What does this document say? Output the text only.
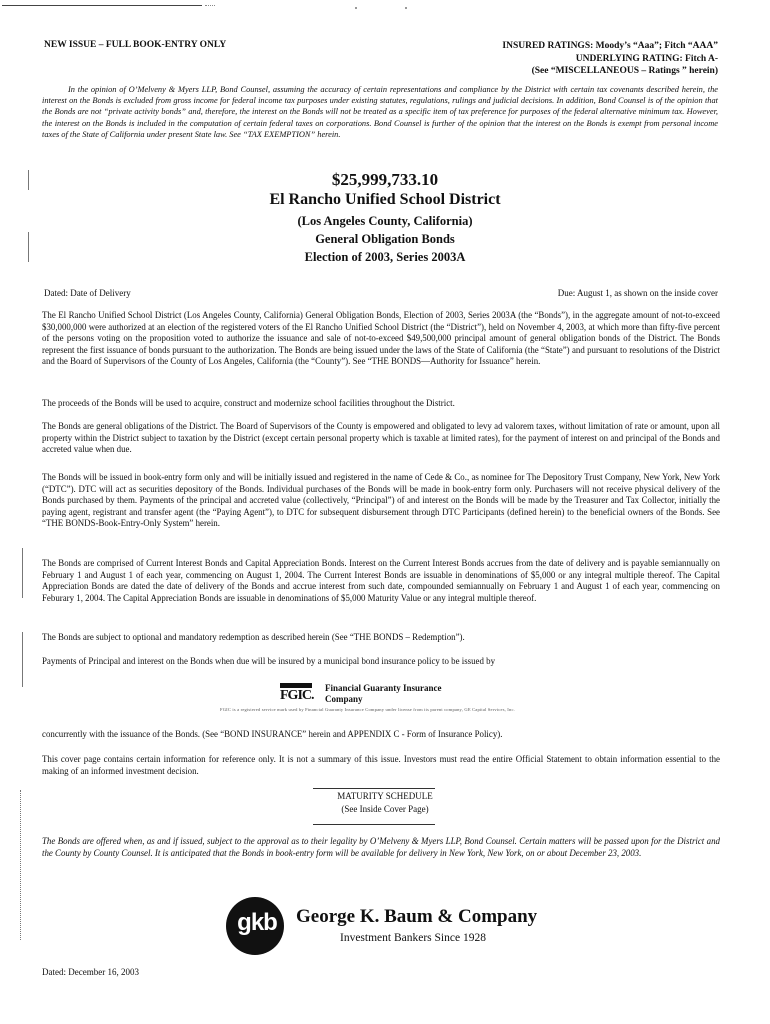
NEW ISSUE – FULL BOOK-ENTRY ONLY	INSURED RATINGS: Moody’s “Aaa”; Fitch “AAA”
UNDERLYING RATING: Fitch A-
(See “MISCELLANEOUS – Ratings ” herein)
In the opinion of O’Melveny & Myers LLP, Bond Counsel, assuming the accuracy of certain representations and compliance by the District with certain tax covenants described herein, the interest on the Bonds is excluded from gross income for federal income tax purposes under existing statutes, regulations, rulings and judicial decisions. In addition, Bond Counsel is of the opinion that the Bonds are not “private activity bonds” and, therefore, the interest on the Bonds will not be treated as a specific item of tax preference for purposes of the federal alternative minimum tax. However, the interest on the Bonds is included in the computation of certain federal taxes on corporations. Bond Counsel is further of the opinion that the interest on the Bonds is exempt from personal income taxes of the State of California under present State law. See “TAX EXEMPTION” herein.
$25,999,733.10
El Rancho Unified School District
(Los Angeles County, California)
General Obligation Bonds
Election of 2003, Series 2003A
Dated: Date of Delivery	Due: August 1, as shown on the inside cover
The El Rancho Unified School District (Los Angeles County, California) General Obligation Bonds, Election of 2003, Series 2003A (the “Bonds”), in the aggregate amount of not-to-exceed $30,000,000 were authorized at an election of the registered voters of the El Rancho Unified School District (the “District”), held on November 4, 2003, at which more than fifty-five percent of the persons voting on the proposition voted to authorize the issuance and sale of not-to-exceed $49,500,000 principal amount of general obligation bonds of the District. The Bonds represent the first issuance of bonds pursuant to the authorization. The Bonds are being issued under the laws of the State of California (the “State”) and pursuant to resolutions of the District and the Board of Supervisors of the County of Los Angeles, California (the “County”). See “THE BONDS—Authority for Issuance” herein.
The proceeds of the Bonds will be used to acquire, construct and modernize school facilities throughout the District.
The Bonds are general obligations of the District. The Board of Supervisors of the County is empowered and obligated to levy ad valorem taxes, without limitation of rate or amount, upon all property within the District subject to taxation by the District (except certain personal property which is taxable at limited rates), for the payment of interest on and principal of the Bonds and accreted value when due.
The Bonds will be issued in book-entry form only and will be initially issued and registered in the name of Cede & Co., as nominee for The Depository Trust Company, New York, New York (“DTC”). DTC will act as securities depository of the Bonds. Individual purchases of the Bonds will be made in book-entry form only. Purchasers will not receive physical delivery of the Bonds purchased by them. Payments of the principal and accreted value (collectively, “Principal”) of and interest on the Bonds will be made by the Treasurer and Tax Collector, initially the paying agent, registrant and transfer agent (the “Paying Agent”), to DTC for subsequent disbursement through DTC Participants (defined herein) to the beneficial owners of the Bonds. See “THE BONDS-Book-Entry-Only System” herein.
The Bonds are comprised of Current Interest Bonds and Capital Appreciation Bonds. Interest on the Current Interest Bonds accrues from the date of delivery and is payable semiannually on February 1 and August 1 of each year, commencing on August 1, 2004. The Current Interest Bonds are issuable in denominations of $5,000 or any integral multiple thereof. The Capital Appreciation Bonds are dated the date of delivery of the Bonds and accrue interest from such date, compounded semiannually on February 1 and August 1 of each year, commencing on Feburary 1, 2004. The Capital Appreciation Bonds are issuable in denominations of $5,000 Maturity Value or any integral multiple thereof.
The Bonds are subject to optional and mandatory redemption as described herein (See “THE BONDS – Redemption”).
Payments of Principal and interest on the Bonds when due will be insured by a municipal bond insurance policy to be issued by
FGIC. Financial Guaranty Insurance
Company
FGIC is a registered service mark used by Financial Guaranty Insurance Company under license from its parent company, GE Capital Services, Inc.
concurrently with the issuance of the Bonds. (See “BOND INSURANCE” herein and APPENDIX C - Form of Insurance Policy).
This cover page contains certain information for reference only. It is not a summary of this issue. Investors must read the entire Official Statement to obtain information essential to the making of an informed investment decision.
MATURITY SCHEDULE
(See Inside Cover Page)
The Bonds are offered when, as and if issued, subject to the approval as to their legality by O’Melveny & Myers LLP, Bond Counsel. Certain matters will be passed upon for the District and the County by County Counsel. It is anticipated that the Bonds in book-entry form will be available for delivery in New York, New York, on or about December 23, 2003.
gkb	George K. Baum & Company
Investment Bankers Since 1928
Dated: December 16, 2003
